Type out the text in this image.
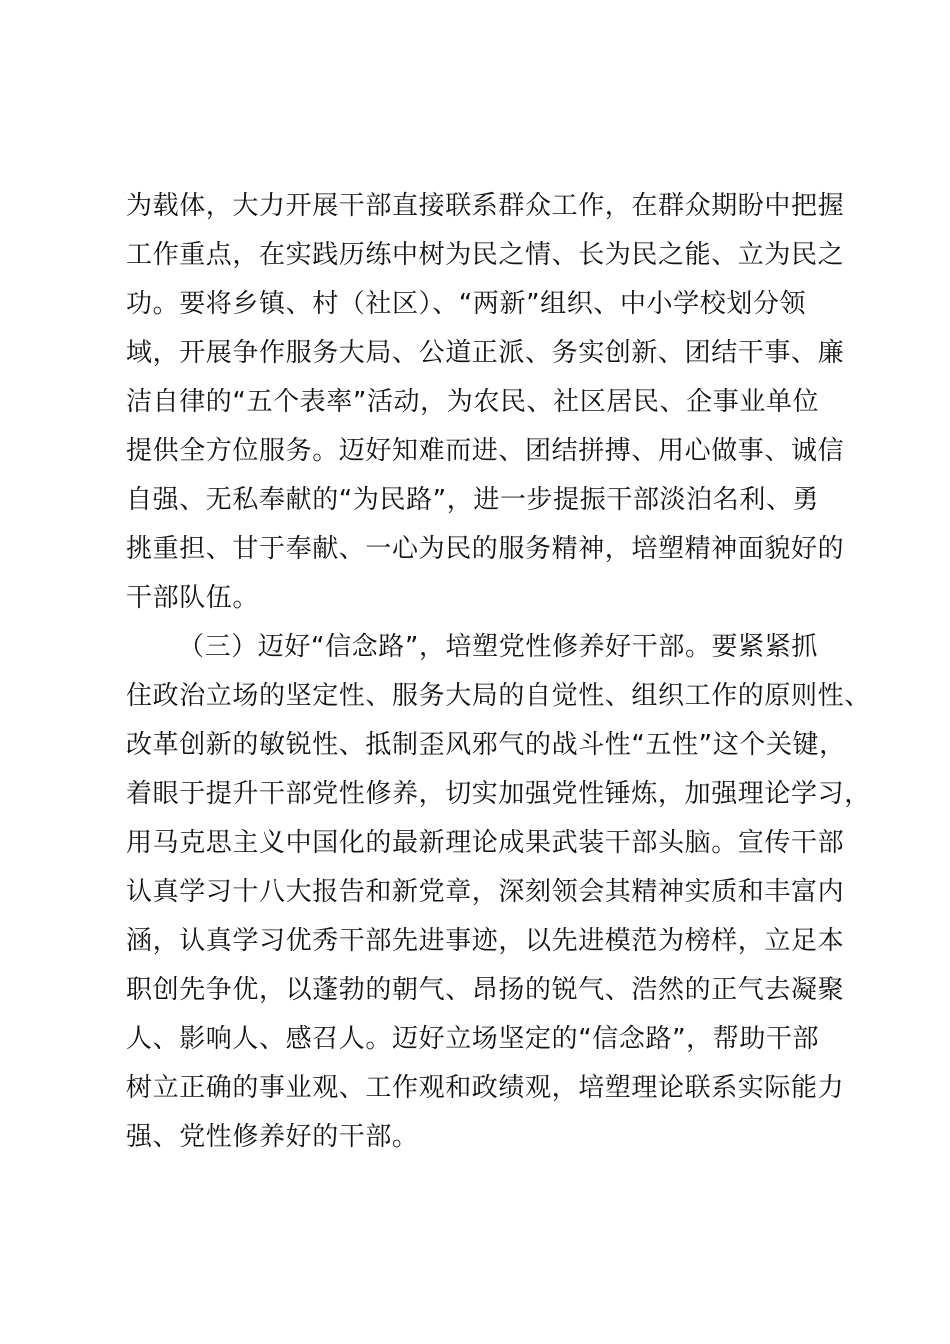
为载体，大力开展干部直接联系群众工作，在群众期盼中把握
工作重点，在实践历练中树为民之情、长为民之能、立为民之
功。要将乡镇、村（社区）、“两新”组织、中小学校划分领
域，开展争作服务大局、公道正派、务实创新、团结干事、廉
洁自律的“五个表率”活动，为农民、社区居民、企事业单位
提供全方位服务。迈好知难而进、团结拼搏、用心做事、诚信
自强、无私奉献的“为民路”，进一步提振干部淡泊名利、勇
挑重担、甘于奉献、一心为民的服务精神，培塑精神面貌好的
干部队伍。
（三）迈好“信念路”，培塑党性修养好干部。要紧紧抓
住政治立场的坚定性、服务大局的自觉性、组织工作的原则性、
改革创新的敏锐性、抵制歪风邪气的战斗性“五性”这个关键，
着眼于提升干部党性修养，切实加强党性锤炼，加强理论学习，
用马克思主义中国化的最新理论成果武装干部头脑。宣传干部
认真学习十八大报告和新党章，深刻领会其精神实质和丰富内
涵，认真学习优秀干部先进事迹，以先进模范为榜样，立足本
职创先争优，以蓬勃的朝气、昂扬的锐气、浩然的正气去凝聚
人、影响人、感召人。迈好立场坚定的“信念路”，帮助干部
树立正确的事业观、工作观和政绩观，培塑理论联系实际能力
强、党性修养好的干部。
